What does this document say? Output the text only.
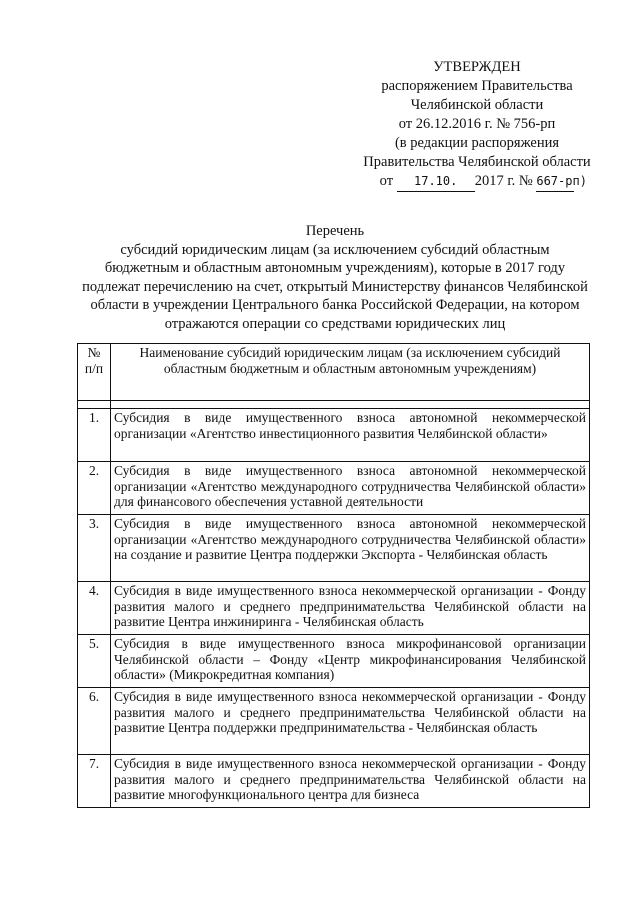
УТВЕРЖДЕН
распоряжением Правительства
Челябинской области
от 26.12.2016 г. № 756-рп
(в редакции распоряжения
Правительства Челябинской области
от 17.10. 2017 г. № 667-рп)
Перечень
субсидий юридическим лицам (за исключением субсидий областным
бюджетным и областным автономным учреждениям), которые в 2017 году
подлежат перечислению на счет, открытый Министерству финансов Челябинской
области в учреждении Центрального банка Российской Федерации, на котором
отражаются операции со средствами юридических лиц
№ п/п	Наименование субсидий юридическим лицам (за исключением субсидий областным бюджетным и областным автономным учреждениям)

1.	Субсидия в виде имущественного взноса автономной некоммерческой организации «Агентство инвестиционного развития Челябинской области»
2.	Субсидия в виде имущественного взноса автономной некоммерческой организации «Агентство международного сотрудничества Челябинской области» для финансового обеспечения уставной деятельности
3.	Субсидия в виде имущественного взноса автономной некоммерческой организации «Агентство международного сотрудничества Челябинской области» на создание и развитие Центра поддержки Экспорта - Челябинская область
4.	Субсидия в виде имущественного взноса некоммерческой организации - Фонду развития малого и среднего предпринимательства Челябинской области на развитие Центра инжиниринга - Челябинская область
5.	Субсидия в виде имущественного взноса микрофинансовой организации Челябинской области – Фонду «Центр микрофинансирования Челябинской области» (Микрокредитная компания)
6.	Субсидия в виде имущественного взноса некоммерческой организации - Фонду развития малого и среднего предпринимательства Челябинской области на развитие Центра поддержки предпринимательства - Челябинская область
7.	Субсидия в виде имущественного взноса некоммерческой организации - Фонду развития малого и среднего предпринимательства Челябинской области на развитие многофункционального центра для бизнеса
